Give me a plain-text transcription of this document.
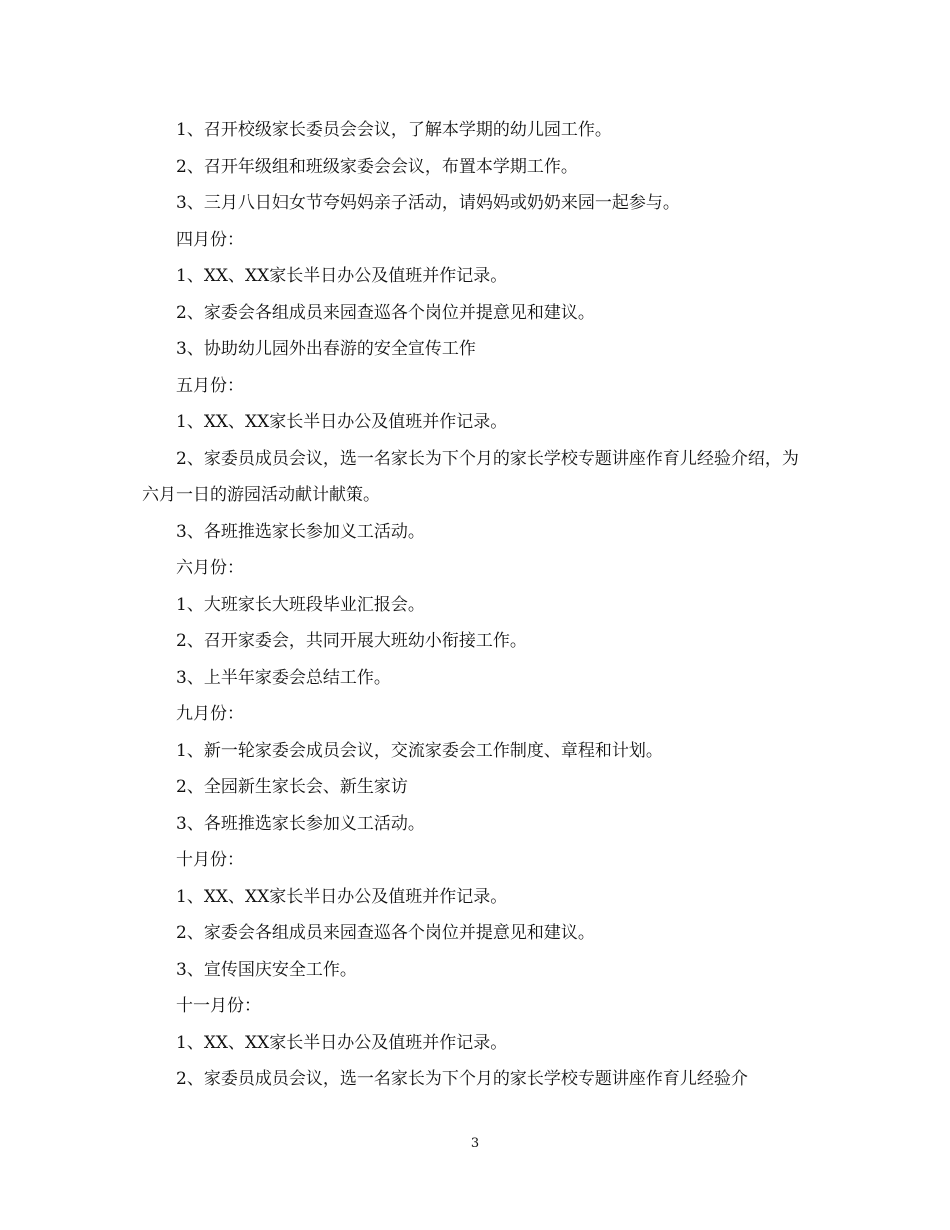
1、召开校级家长委员会会议，了解本学期的幼儿园工作。

2、召开年级组和班级家委会会议，布置本学期工作。

3、三月八日妇女节夸妈妈亲子活动，请妈妈或奶奶来园一起参与。

四月份：

1、XX、XX家长半日办公及值班并作记录。

2、家委会各组成员来园查巡各个岗位并提意见和建议。

3、协助幼儿园外出春游的安全宣传工作

五月份：

1、XX、XX家长半日办公及值班并作记录。

2、家委员成员会议，选一名家长为下个月的家长学校专题讲座作育儿经验介绍，为六月一日的游园活动献计献策。

3、各班推选家长参加义工活动。

六月份：

1、大班家长大班段毕业汇报会。

2、召开家委会，共同开展大班幼小衔接工作。

3、上半年家委会总结工作。

九月份：

1、新一轮家委会成员会议，交流家委会工作制度、章程和计划。

2、全园新生家长会、新生家访

3、各班推选家长参加义工活动。

十月份：

1、XX、XX家长半日办公及值班并作记录。

2、家委会各组成员来园查巡各个岗位并提意见和建议。

3、宣传国庆安全工作。

十一月份：

1、XX、XX家长半日办公及值班并作记录。

2、家委员成员会议，选一名家长为下个月的家长学校专题讲座作育儿经验介

3
